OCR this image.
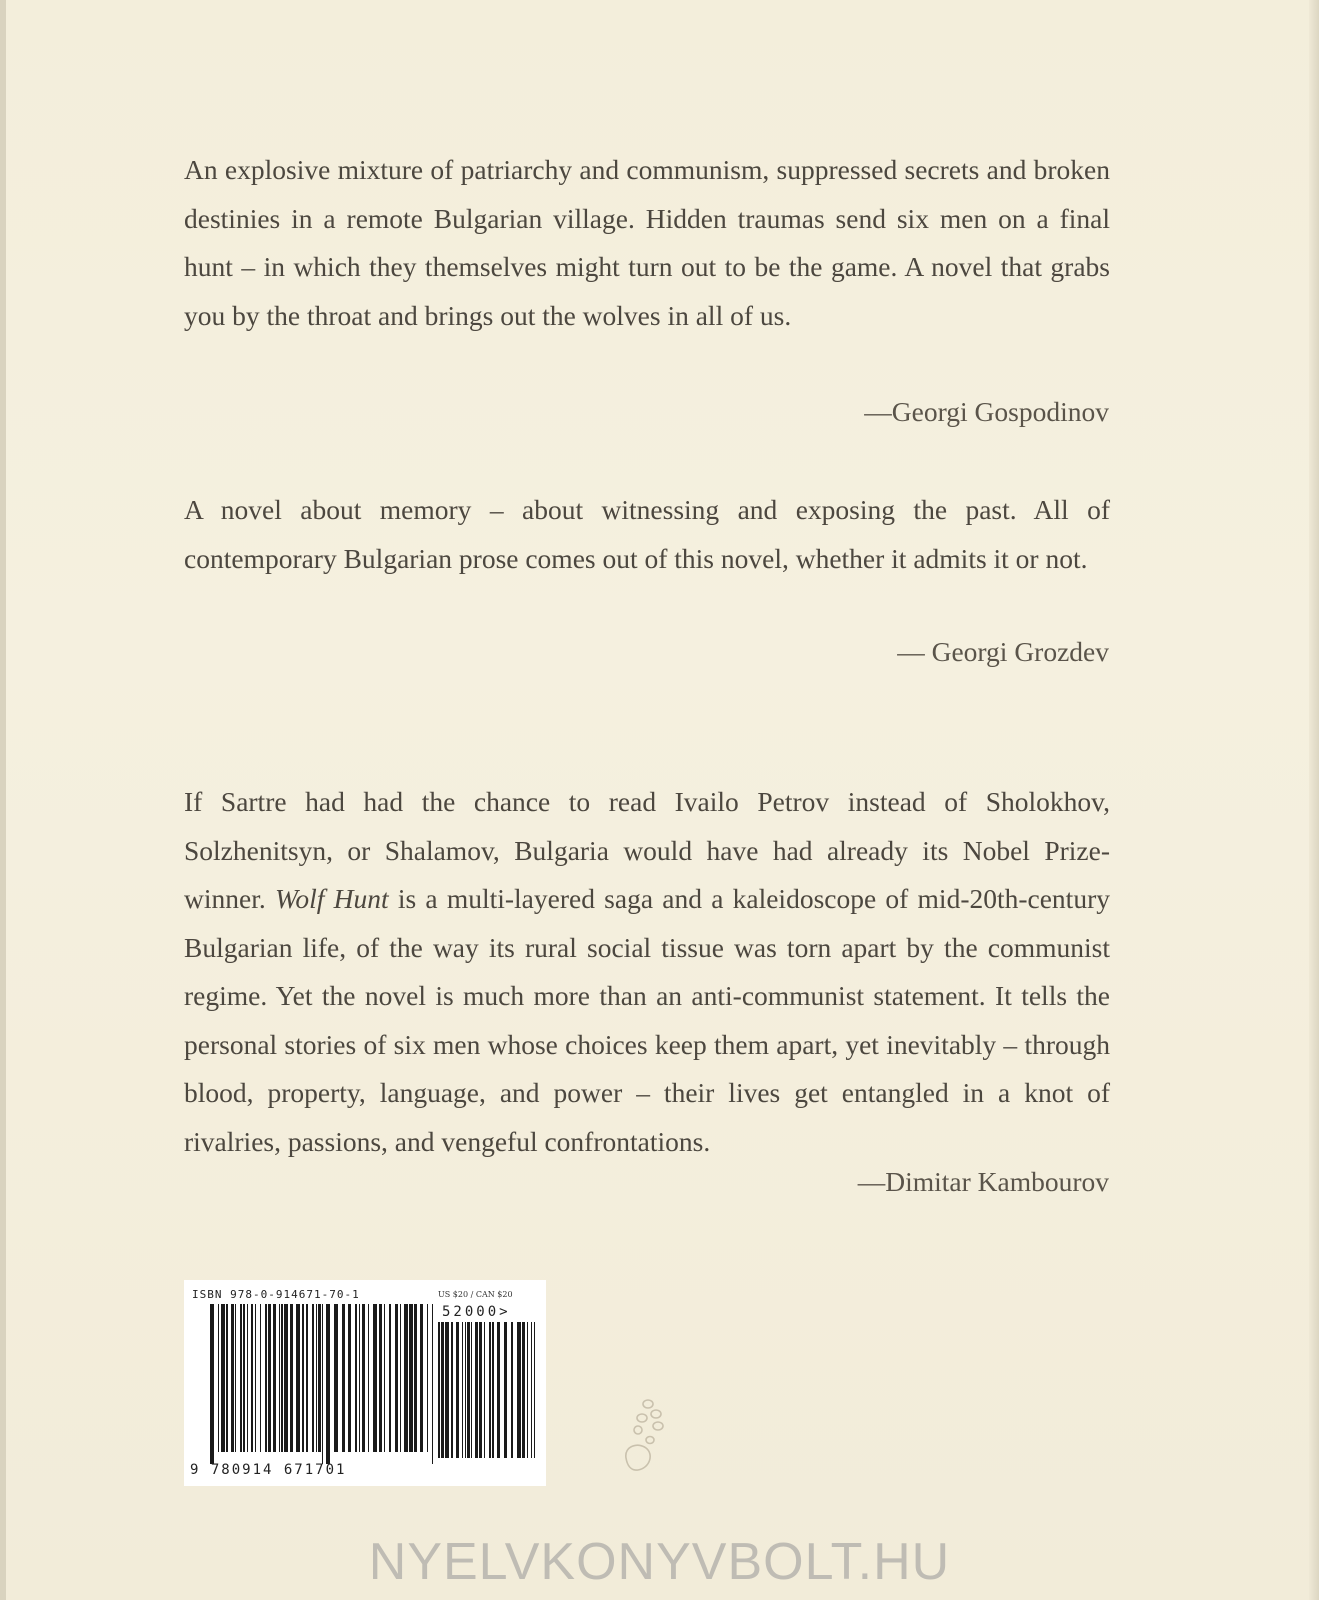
An explosive mixture of patriarchy and communism, suppressed secrets and broken destinies in a remote Bulgarian village. Hidden traumas send six men on a final hunt – in which they themselves might turn out to be the game. A novel that grabs you by the throat and brings out the wolves in all of us.

—Georgi Gospodinov

A novel about memory – about witnessing and exposing the past. All of contemporary Bulgarian prose comes out of this novel, whether it admits it or not.

— Georgi Grozdev

If Sartre had had the chance to read Ivailo Petrov instead of Sholokhov, Solzhenitsyn, or Shalamov, Bulgaria would have had already its Nobel Prize-winner. Wolf Hunt is a multi-layered saga and a kaleidoscope of mid-20th-century Bulgarian life, of the way its rural social tissue was torn apart by the communist regime. Yet the novel is much more than an anti-communist statement. It tells the personal stories of six men whose choices keep them apart, yet inevitably – through blood, property, language, and power – their lives get entangled in a knot of rivalries, passions, and vengeful confrontations.

—Dimitar Kambourov

ISBN 978-0-914671-70-1	US $20 / CAN $20
52000>
9 780914 671701
NYELVKONYVBOLT.HU
